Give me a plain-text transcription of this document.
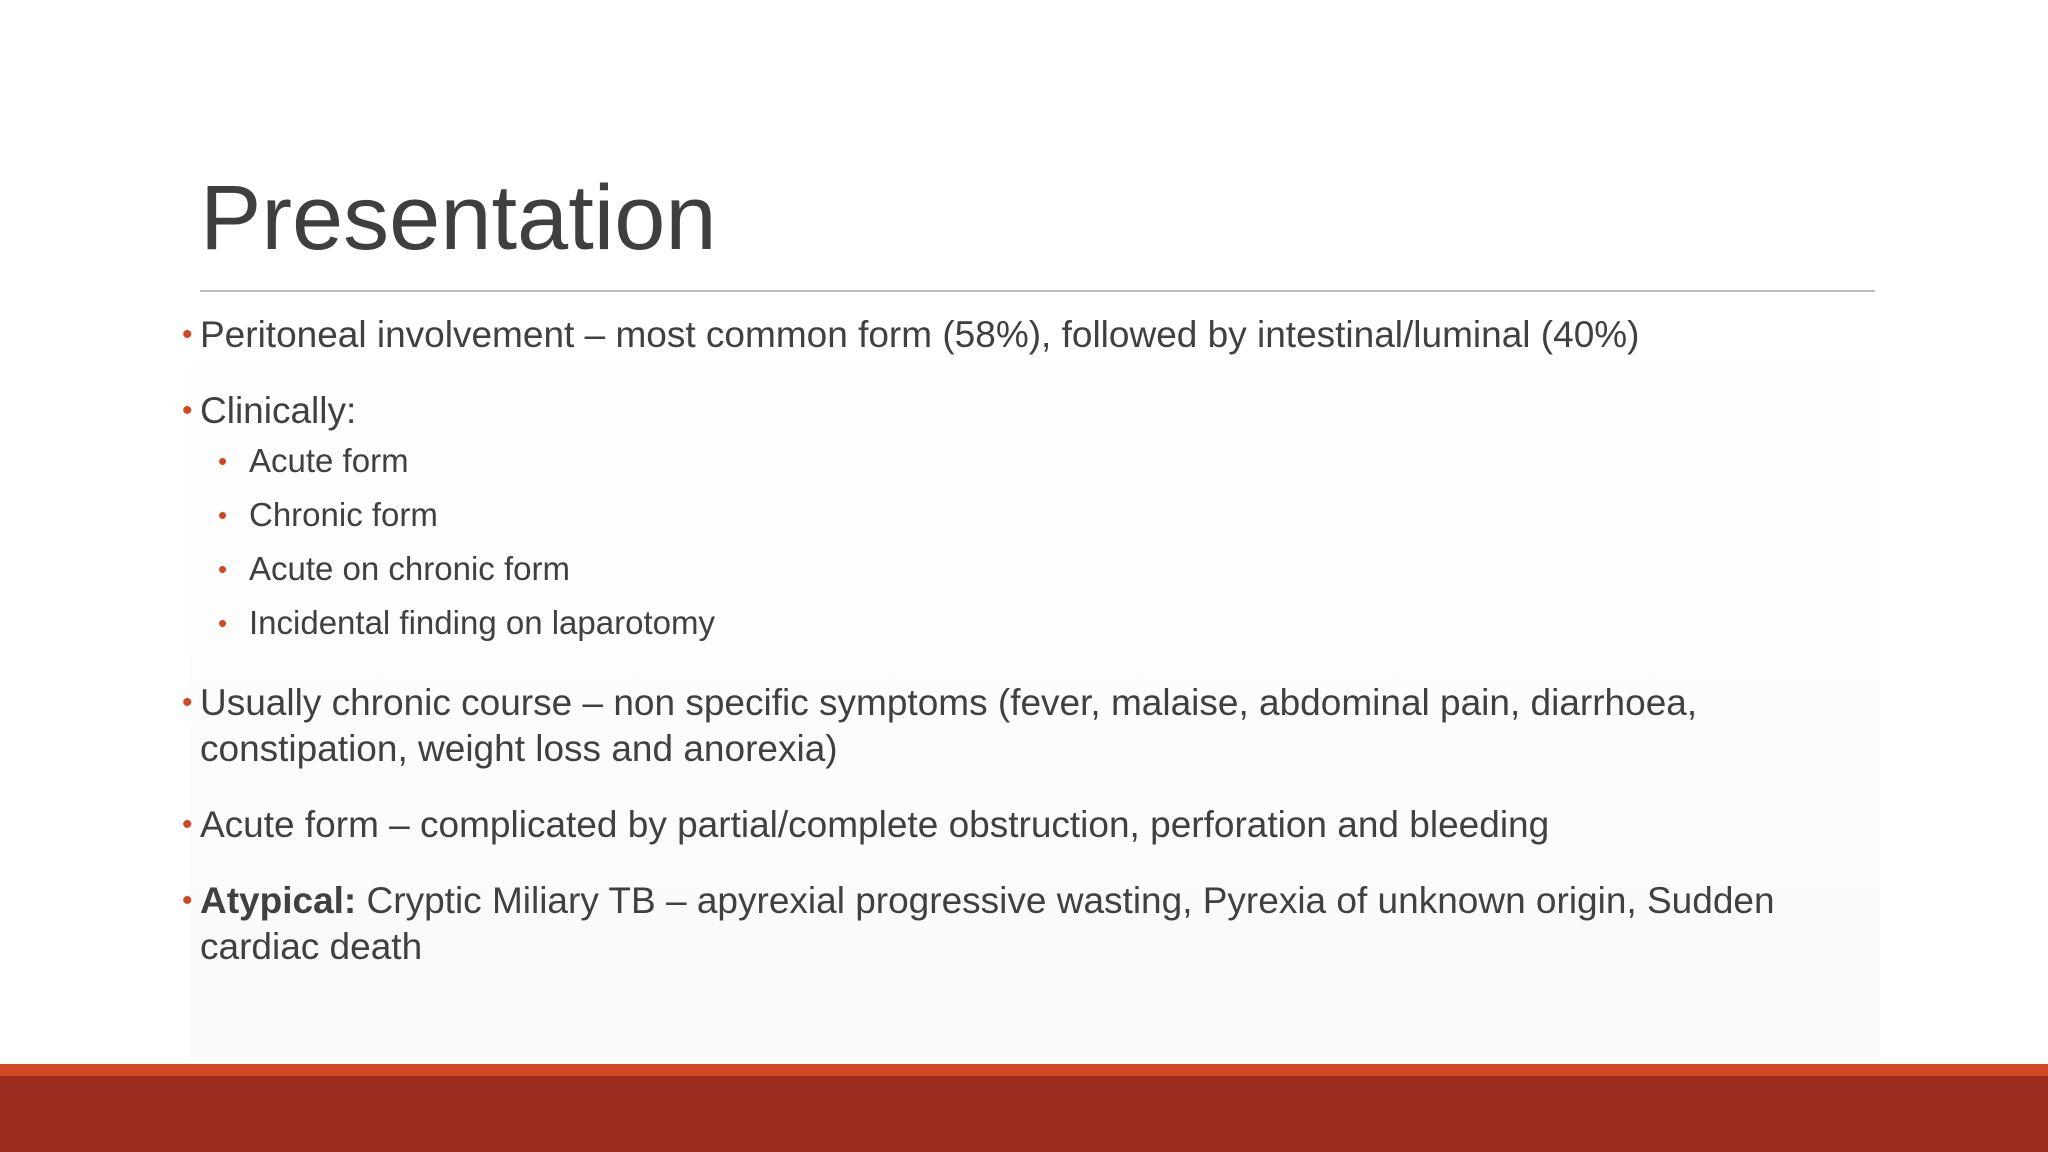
Presentation
• Peritoneal involvement – most common form (58%), followed by intestinal/luminal (40%)
• Clinically:
• Acute form
• Chronic form
• Acute on chronic form
• Incidental finding on laparotomy
• Usually chronic course – non specific symptoms (fever, malaise, abdominal pain, diarrhoea, constipation, weight loss and anorexia)
• Acute form – complicated by partial/complete obstruction, perforation and bleeding
• Atypical: Cryptic Miliary TB – apyrexial progressive wasting, Pyrexia of unknown origin, Sudden cardiac death
